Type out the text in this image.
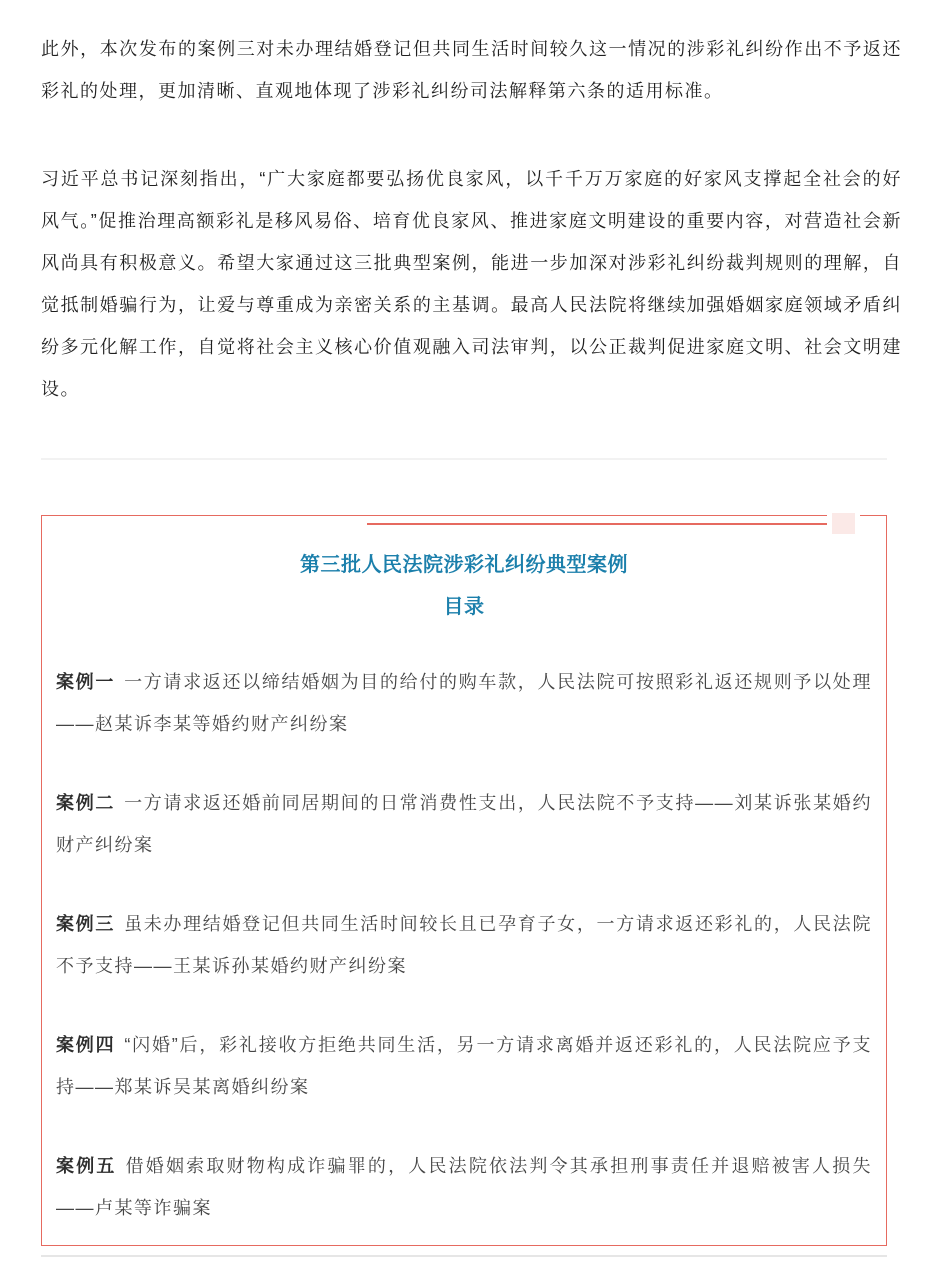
此外，本次发布的案例三对未办理结婚登记但共同生活时间较久这一情况的涉彩礼纠纷作出不予返还彩礼的处理，更加清晰、直观地体现了涉彩礼纠纷司法解释第六条的适用标准。

习近平总书记深刻指出，“广大家庭都要弘扬优良家风，以千千万万家庭的好家风支撑起全社会的好风气。”促推治理高额彩礼是移风易俗、培育优良家风、推进家庭文明建设的重要内容，对营造社会新风尚具有积极意义。希望大家通过这三批典型案例，能进一步加深对涉彩礼纠纷裁判规则的理解，自觉抵制婚骗行为，让爱与尊重成为亲密关系的主基调。最高人民法院将继续加强婚姻家庭领域矛盾纠纷多元化解工作，自觉将社会主义核心价值观融入司法审判，以公正裁判促进家庭文明、社会文明建设。

第三批人民法院涉彩礼纠纷典型案例
目录

案例一 一方请求返还以缔结婚姻为目的给付的购车款，人民法院可按照彩礼返还规则予以处理——赵某诉李某等婚约财产纠纷案

案例二 一方请求返还婚前同居期间的日常消费性支出，人民法院不予支持——刘某诉张某婚约财产纠纷案

案例三 虽未办理结婚登记但共同生活时间较长且已孕育子女，一方请求返还彩礼的，人民法院不予支持——王某诉孙某婚约财产纠纷案

案例四 “闪婚”后，彩礼接收方拒绝共同生活，另一方请求离婚并返还彩礼的，人民法院应予支持——郑某诉吴某离婚纠纷案

案例五 借婚姻索取财物构成诈骗罪的，人民法院依法判令其承担刑事责任并退赔被害人损失——卢某等诈骗案
